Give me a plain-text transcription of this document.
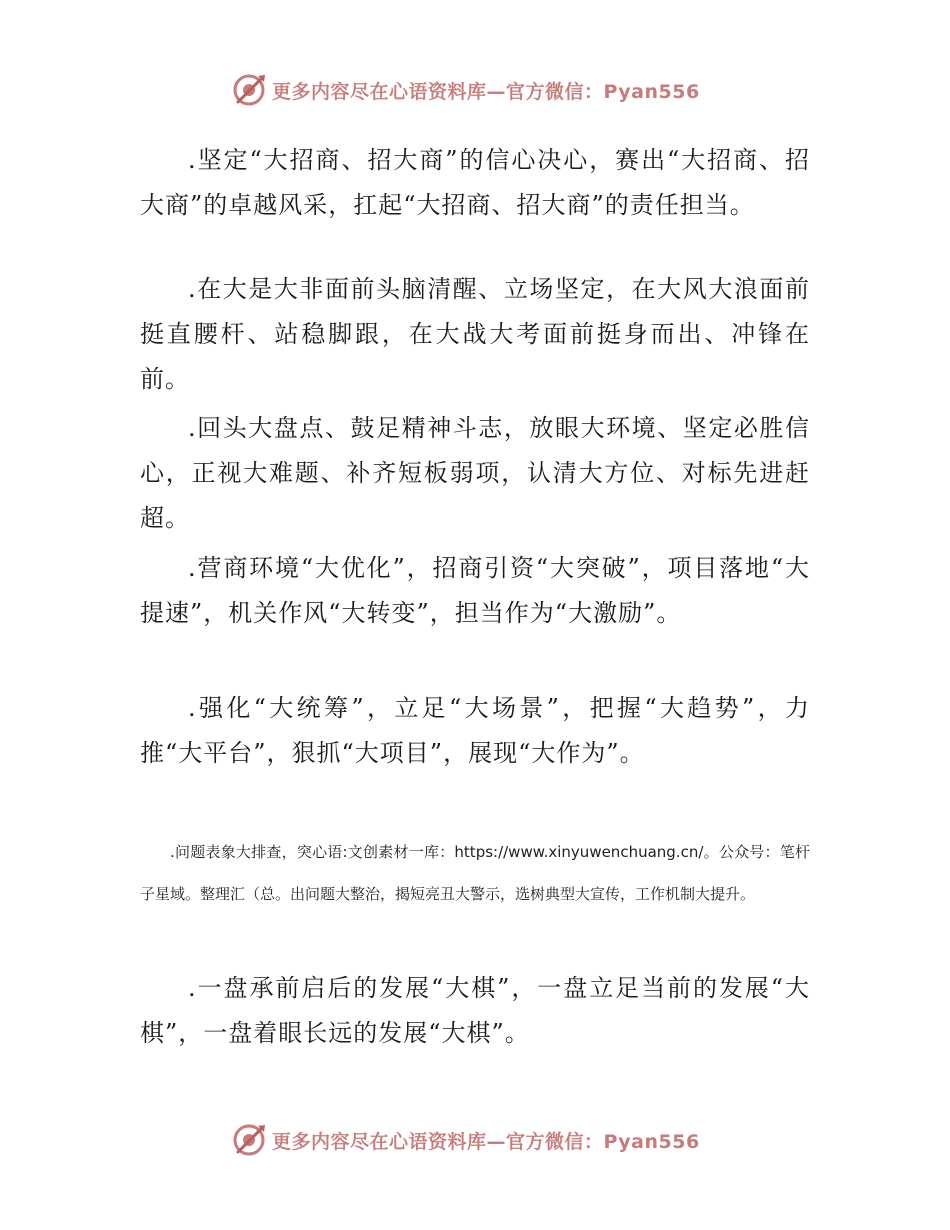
更多内容尽在心语资料库—官方微信：Pyan556

.坚定“大招商、招大商”的信心决心，赛出“大招商、招大商”的卓越风采，扛起“大招商、招大商”的责任担当。

.在大是大非面前头脑清醒、立场坚定，在大风大浪面前挺直腰杆、站稳脚跟，在大战大考面前挺身而出、冲锋在前。

.回头大盘点、鼓足精神斗志，放眼大环境、坚定必胜信心，正视大难题、补齐短板弱项，认清大方位、对标先进赶超。

.营商环境“大优化”，招商引资“大突破”，项目落地“大提速”，机关作风“大转变”，担当作为“大激励”。

.强化“大统筹”，立足“大场景”，把握“大趋势”，力推“大平台”，狠抓“大项目”，展现“大作为”。

.问题表象大排查，突心语:文创素材一库：https://www.xinyuwenchuang.cn/。公众号：笔杆子星域。整理汇（总。出问题大整治，揭短亮丑大警示，选树典型大宣传，工作机制大提升。

.一盘承前启后的发展“大棋”，一盘立足当前的发展“大棋”，一盘着眼长远的发展“大棋”。

更多内容尽在心语资料库—官方微信：Pyan556
